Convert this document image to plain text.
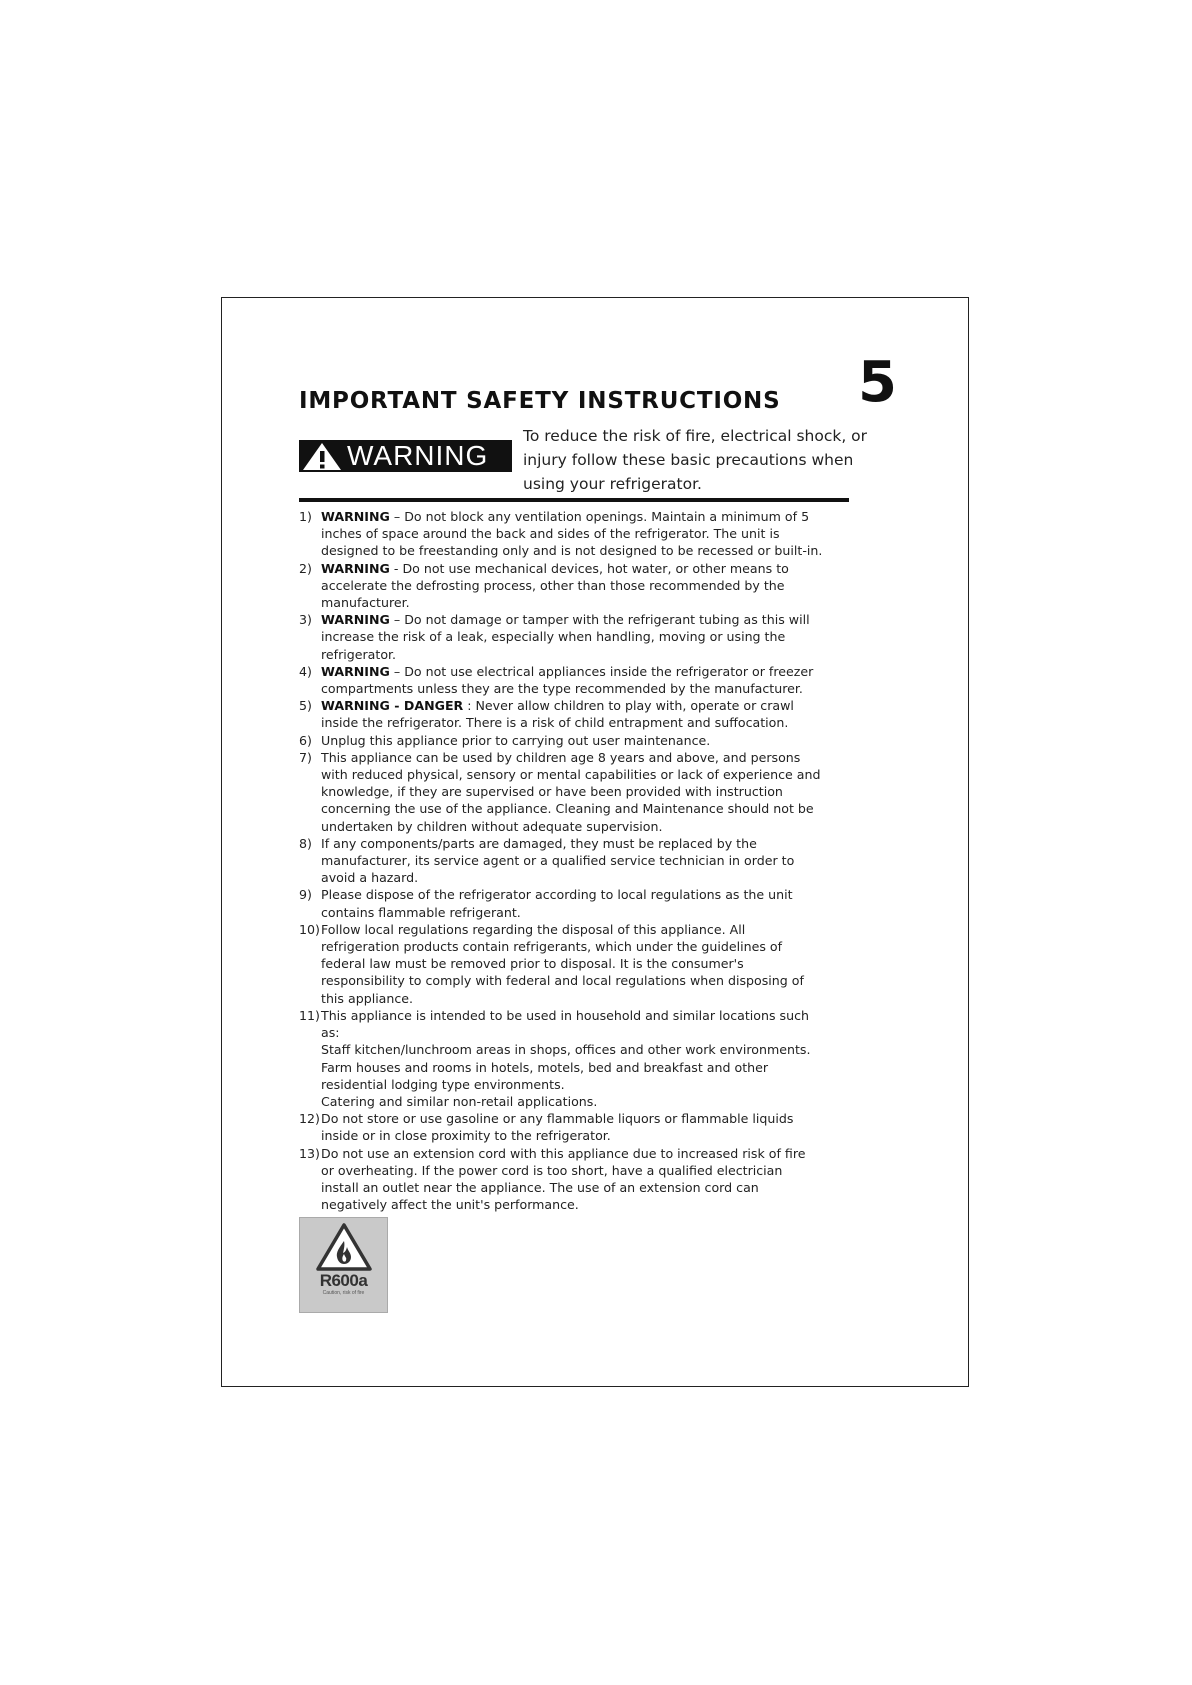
5
IMPORTANT SAFETY INSTRUCTIONS
WARNING
To reduce the risk of fire, electrical shock, or
injury follow these basic precautions when
using your refrigerator.
1) WARNING – Do not block any ventilation openings. Maintain a minimum of 5
inches of space around the back and sides of the refrigerator. The unit is
designed to be freestanding only and is not designed to be recessed or built-in.
2) WARNING - Do not use mechanical devices, hot water, or other means to
accelerate the defrosting process, other than those recommended by the
manufacturer.
3) WARNING – Do not damage or tamper with the refrigerant tubing as this will
increase the risk of a leak, especially when handling, moving or using the
refrigerator.
4) WARNING – Do not use electrical appliances inside the refrigerator or freezer
compartments unless they are the type recommended by the manufacturer.
5) WARNING - DANGER : Never allow children to play with, operate or crawl
inside the refrigerator. There is a risk of child entrapment and suffocation.
6) Unplug this appliance prior to carrying out user maintenance.
7) This appliance can be used by children age 8 years and above, and persons
with reduced physical, sensory or mental capabilities or lack of experience and
knowledge, if they are supervised or have been provided with instruction
concerning the use of the appliance. Cleaning and Maintenance should not be
undertaken by children without adequate supervision.
8) If any components/parts are damaged, they must be replaced by the
manufacturer, its service agent or a qualified service technician in order to
avoid a hazard.
9) Please dispose of the refrigerator according to local regulations as the unit
contains flammable refrigerant.
10) Follow local regulations regarding the disposal of this appliance. All
refrigeration products contain refrigerants, which under the guidelines of
federal law must be removed prior to disposal. It is the consumer's
responsibility to comply with federal and local regulations when disposing of
this appliance.
11) This appliance is intended to be used in household and similar locations such
as:
Staff kitchen/lunchroom areas in shops, offices and other work environments.
Farm houses and rooms in hotels, motels, bed and breakfast and other
residential lodging type environments.
Catering and similar non-retail applications.
12) Do not store or use gasoline or any flammable liquors or flammable liquids
inside or in close proximity to the refrigerator.
13) Do not use an extension cord with this appliance due to increased risk of fire
or overheating. If the power cord is too short, have a qualified electrician
install an outlet near the appliance. The use of an extension cord can
negatively affect the unit's performance.
R600a
Caution, risk of fire
